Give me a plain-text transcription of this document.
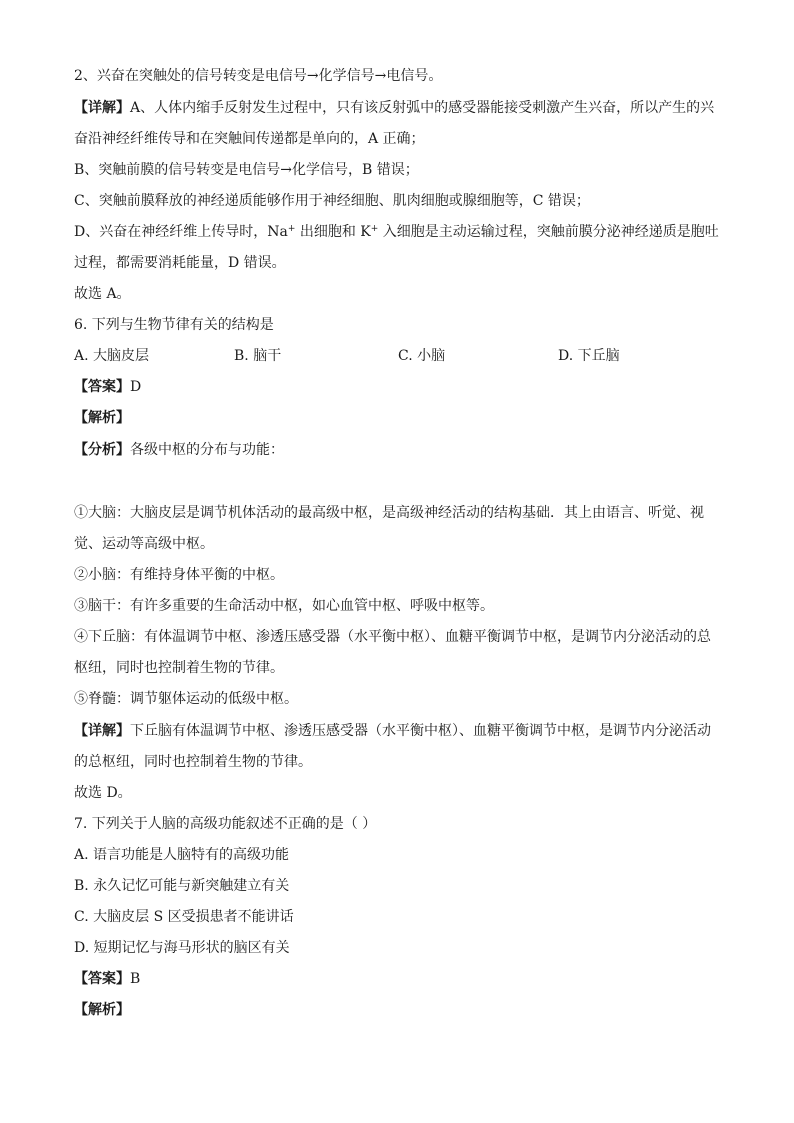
2、兴奋在突触处的信号转变是电信号→化学信号→电信号。
【详解】A、人体内缩手反射发生过程中，只有该反射弧中的感受器能接受刺激产生兴奋，所以产生的兴
奋沿神经纤维传导和在突触间传递都是单向的，A 正确；
B、突触前膜的信号转变是电信号→化学信号，B 错误；
C、突触前膜释放的神经递质能够作用于神经细胞、肌肉细胞或腺细胞等，C 错误；
D、兴奋在神经纤维上传导时，Na+ 出细胞和 K+ 入细胞是主动运输过程，突触前膜分泌神经递质是胞吐
过程，都需要消耗能量，D 错误。
故选 A。
6. 下列与生物节律有关的结构是
A. 大脑皮层	B. 脑干	C. 小脑	D. 下丘脑
【答案】D
【解析】
【分析】各级中枢的分布与功能：
①大脑：大脑皮层是调节机体活动的最高级中枢，是高级神经活动的结构基础．其上由语言、听觉、视
觉、运动等高级中枢。
②小脑：有维持身体平衡的中枢。
③脑干：有许多重要的生命活动中枢，如心血管中枢、呼吸中枢等。
④下丘脑：有体温调节中枢、渗透压感受器（水平衡中枢）、血糖平衡调节中枢，是调节内分泌活动的总
枢纽，同时也控制着生物的节律。
⑤脊髓：调节躯体运动的低级中枢。
【详解】下丘脑有体温调节中枢、渗透压感受器（水平衡中枢）、血糖平衡调节中枢，是调节内分泌活动
的总枢纽，同时也控制着生物的节律。
故选 D。
7. 下列关于人脑的高级功能叙述不正确的是（ ）
A. 语言功能是人脑特有的高级功能
B. 永久记忆可能与新突触建立有关
C. 大脑皮层 S 区受损患者不能讲话
D. 短期记忆与海马形状的脑区有关
【答案】B
【解析】
